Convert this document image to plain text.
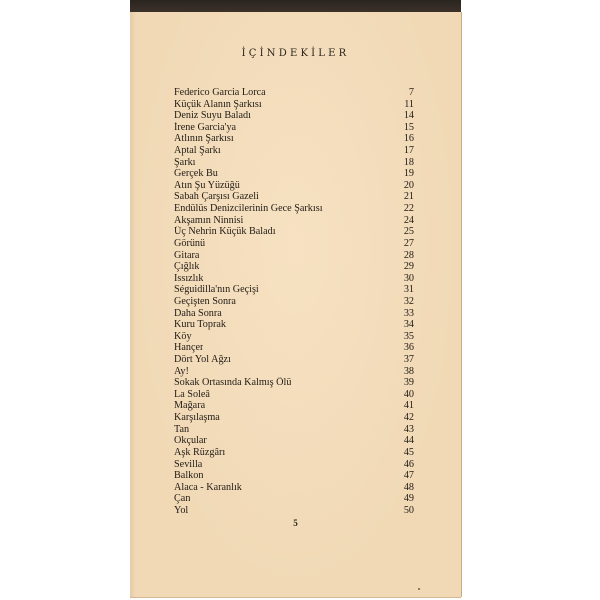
İÇİNDEKİLER
Federico Garcia Lorca	7
Küçük Alanın Şarkısı	11
Deniz Suyu Baladı	14
İrene Garcia'ya	15
Atlının Şarkısı	16
Aptal Şarkı	17
Şarkı	18
Gerçek Bu	19
Atın Şu Yüzüğü	20
Sabah Çarşısı Gazeli	21
Endülüs Denizcilerinin Gece Şarkısı	22
Akşamın Ninnisi	24
Üç Nehrin Küçük Baladı	25
Görünü	27
Gitara	28
Çığlık	29
Issızlık	30
Séguidilla'nın Geçişi	31
Geçişten Sonra	32
Daha Sonra	33
Kuru Toprak	34
Köy	35
Hançer	36
Dört Yol Ağzı	37
Ay!	38
Sokak Ortasında Kalmış Ölü	39
La Soleâ	40
Mağara	41
Karşılaşma	42
Tan	43
Okçular	44
Aşk Rüzgârı	45
Sevilla	46
Balkon	47
Alaca - Karanlık	48
Çan	49
Yol	50
5
